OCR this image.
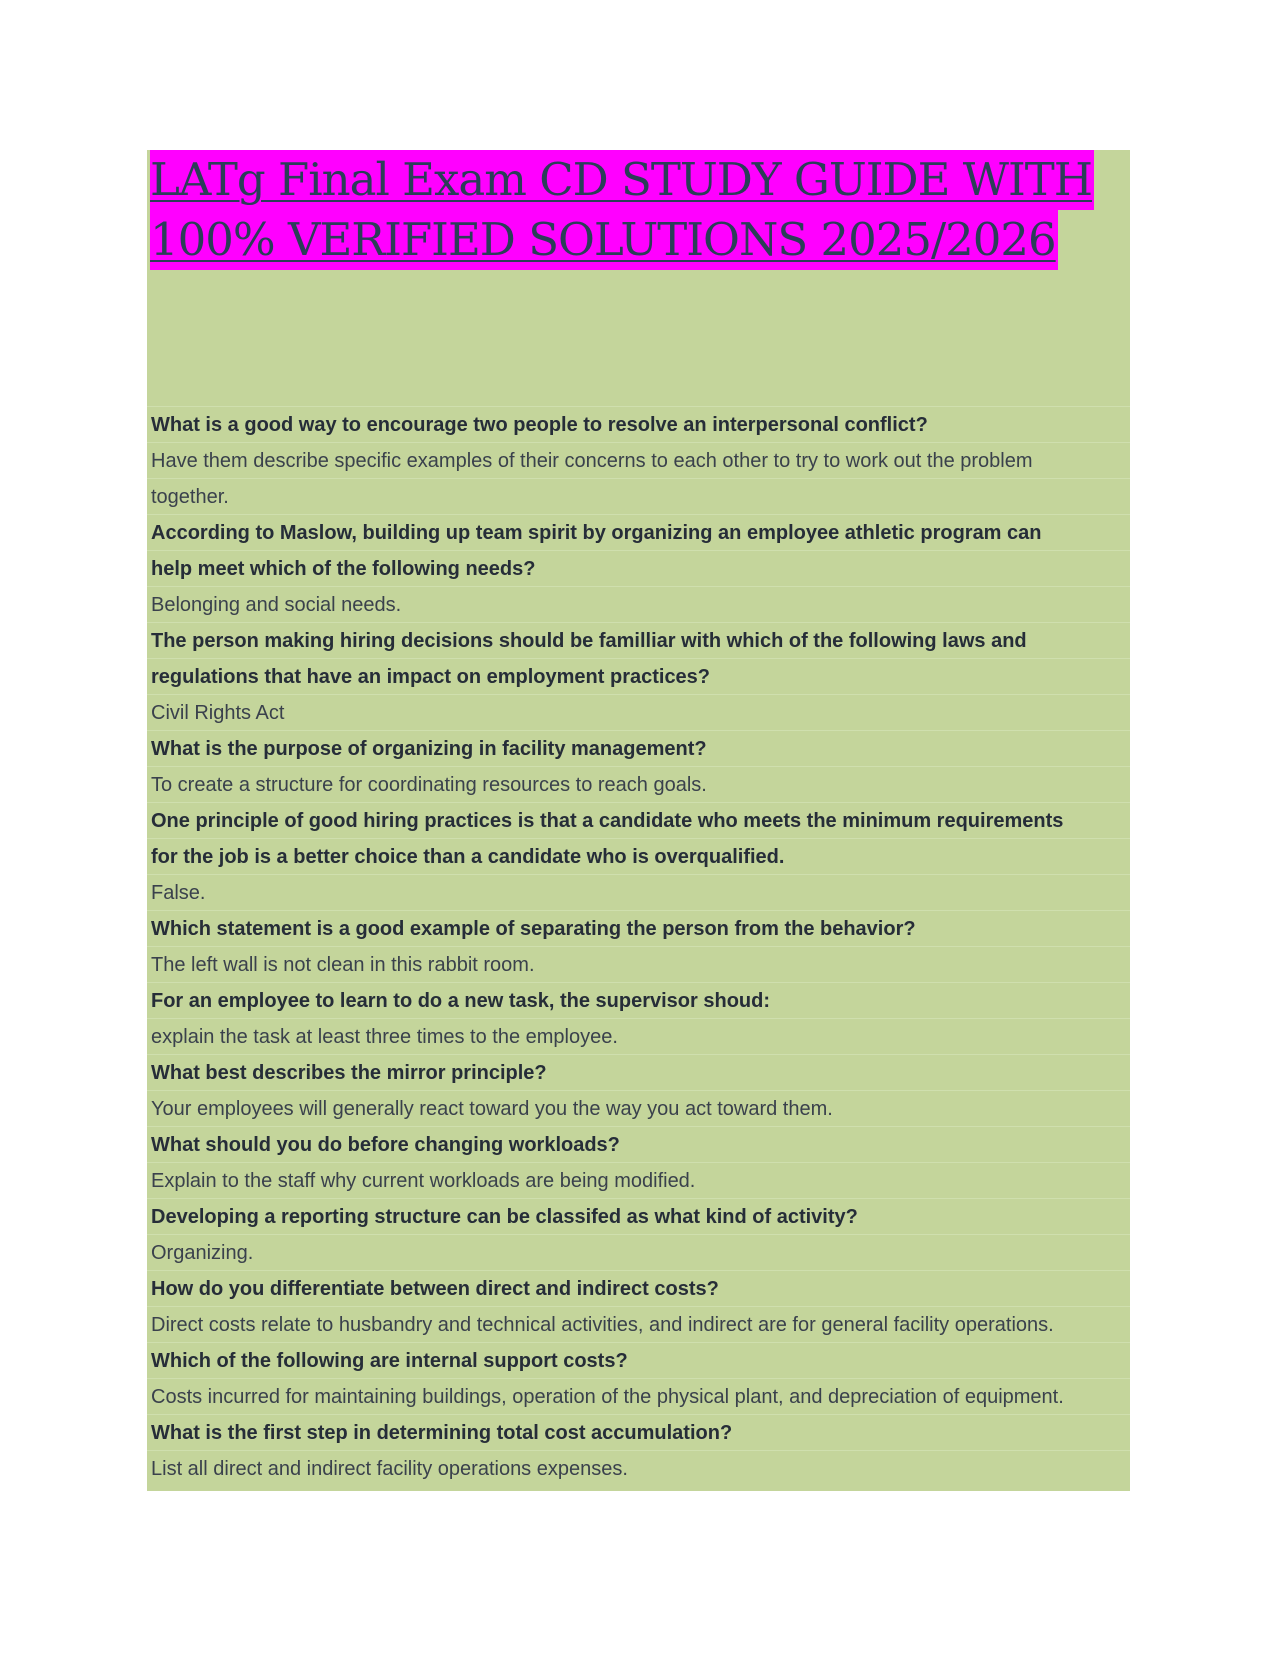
LATg Final Exam CD STUDY GUIDE WITH
100% VERIFIED SOLUTIONS 2025/2026
What is a good way to encourage two people to resolve an interpersonal conflict?
Have them describe specific examples of their concerns to each other to try to work out the problem
together.
According to Maslow, building up team spirit by organizing an employee athletic program can
help meet which of the following needs?
Belonging and social needs.
The person making hiring decisions should be familliar with which of the following laws and
regulations that have an impact on employment practices?
Civil Rights Act
What is the purpose of organizing in facility management?
To create a structure for coordinating resources to reach goals.
One principle of good hiring practices is that a candidate who meets the minimum requirements
for the job is a better choice than a candidate who is overqualified.
False.
Which statement is a good example of separating the person from the behavior?
The left wall is not clean in this rabbit room.
For an employee to learn to do a new task, the supervisor shoud:
explain the task at least three times to the employee.
What best describes the mirror principle?
Your employees will generally react toward you the way you act toward them.
What should you do before changing workloads?
Explain to the staff why current workloads are being modified.
Developing a reporting structure can be classifed as what kind of activity?
Organizing.
How do you differentiate between direct and indirect costs?
Direct costs relate to husbandry and technical activities, and indirect are for general facility operations.
Which of the following are internal support costs?
Costs incurred for maintaining buildings, operation of the physical plant, and depreciation of equipment.
What is the first step in determining total cost accumulation?
List all direct and indirect facility operations expenses.
